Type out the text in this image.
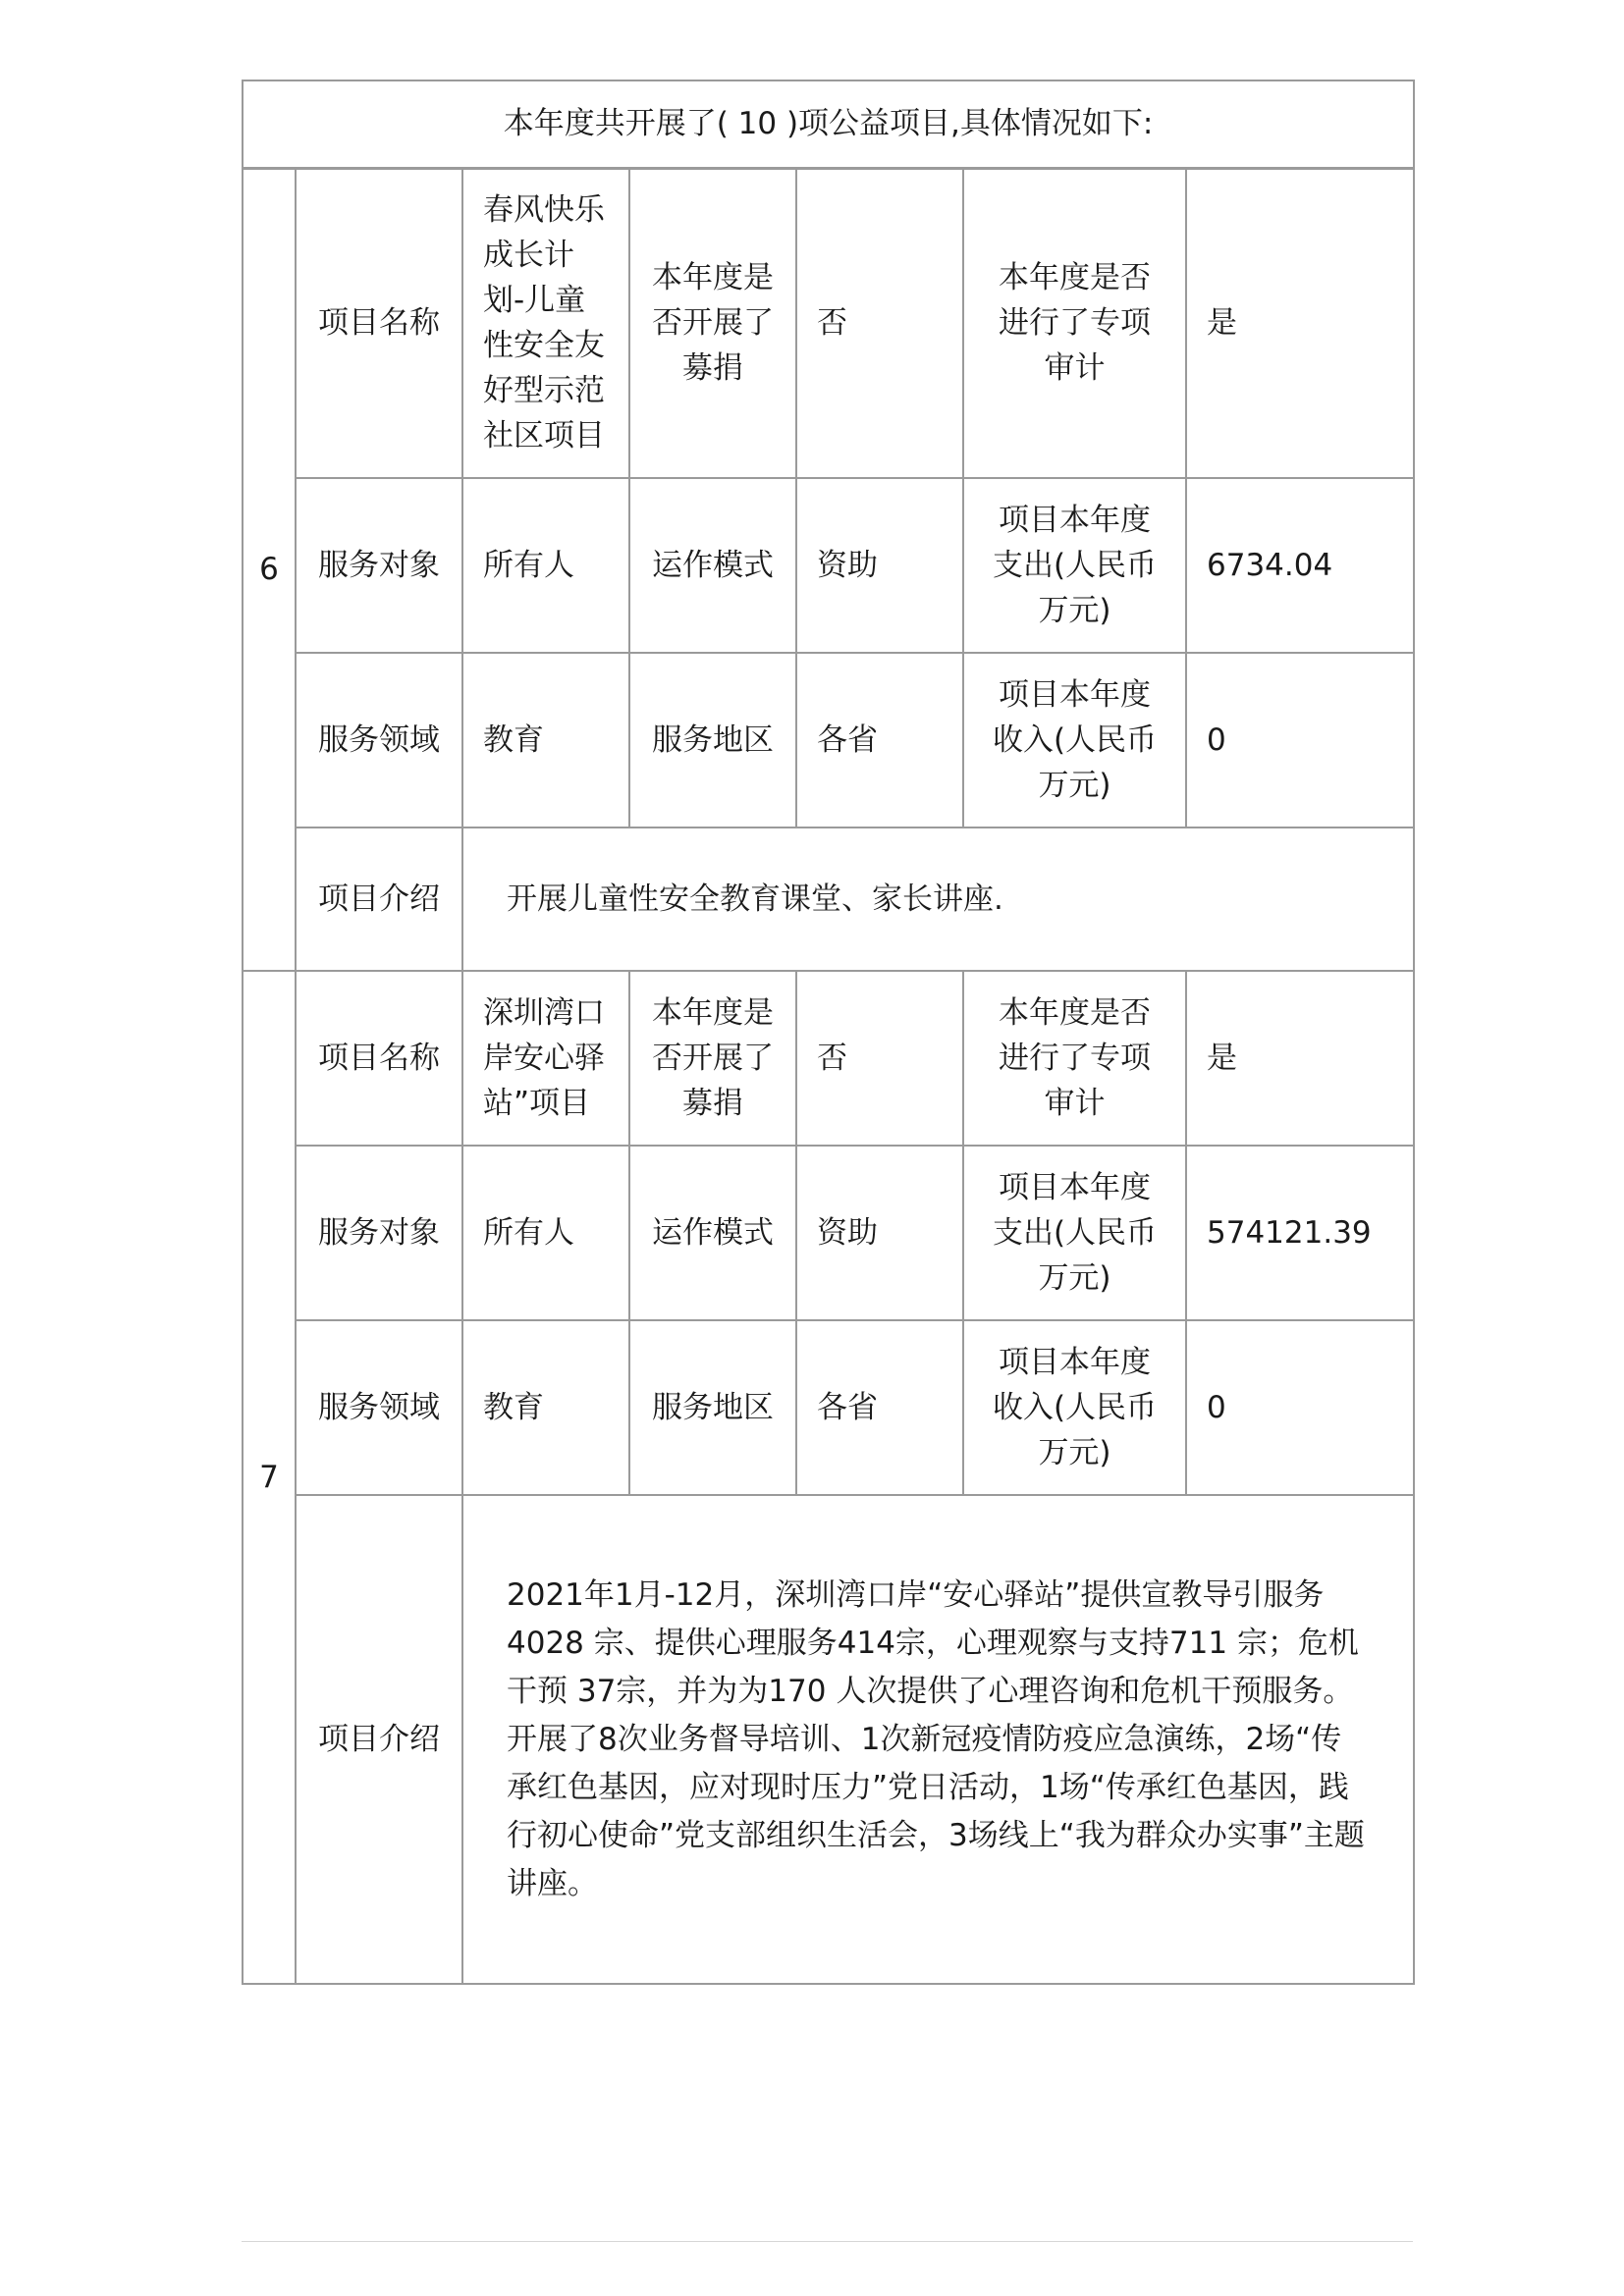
本年度共开展了( 10 )项公益项目,具体情况如下:						
6	项目名称	春风快乐成长计划-儿童性安全友好型示范社区项目	本年度是否开展了募捐	否	本年度是否进行了专项审计	是
	服务对象	所有人	运作模式	资助	项目本年度支出(人民币万元)	6734.04
	服务领域	教育	服务地区	各省	项目本年度收入(人民币万元)	0
	项目介绍	开展儿童性安全教育课堂、家长讲座.				
7	项目名称	深圳湾口岸安心驿站”项目	本年度是否开展了募捐	否	本年度是否进行了专项审计	是
	服务对象	所有人	运作模式	资助	项目本年度支出(人民币万元)	574121.39
	服务领域	教育	服务地区	各省	项目本年度收入(人民币万元)	0
	项目介绍	2021年1月-12月，深圳湾口岸“安心驿站”提供宣教导引服务4028 宗、提供心理服务414宗，心理观察与支持711 宗；危机干预 37宗，并为为170 人次提供了心理咨询和危机干预服务。开展了8次业务督导培训、1次新冠疫情防疫应急演练，2场“传承红色基因，应对现时压力”党日活动，1场“传承红色基因，践行初心使命”党支部组织生活会，3场线上“我为群众办实事”主题讲座。				
